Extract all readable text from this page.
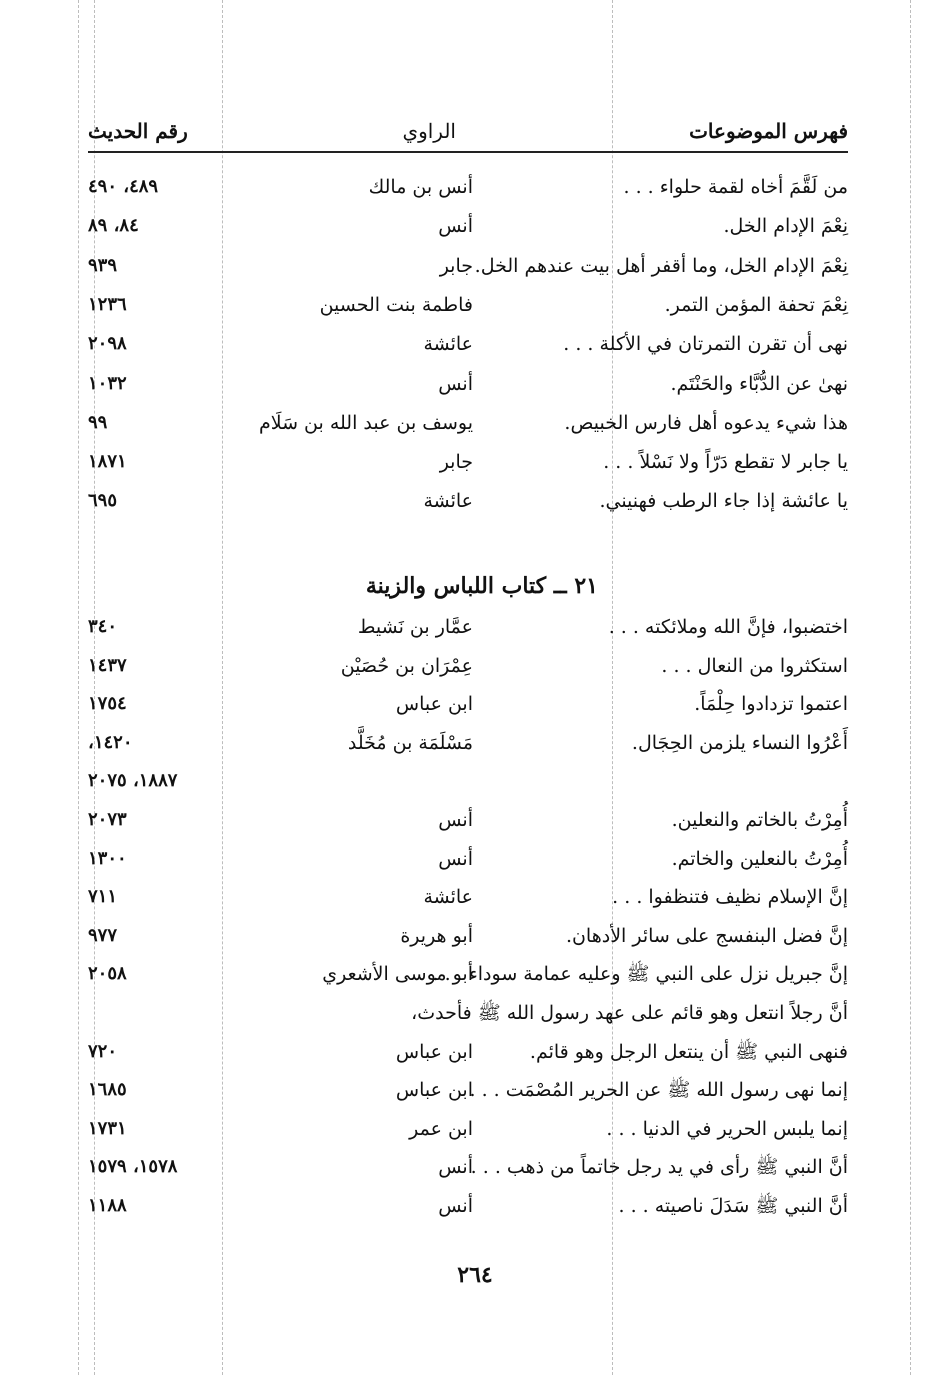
فهرس الموضوعات
الراوي
رقم الحديث
من لَقَّمَ أخاه لقمة حلواء . . .
أنس بن مالك
٤٨٩، ٤٩٠
نِعْمَ الإدام الخل.
أنس
٨٤، ٨٩
نِعْمَ الإدام الخل، وما أقفر أهل بيت عندهم الخل.
جابر
٩٣٩
نِعْمَ تحفة المؤمن التمر.
فاطمة بنت الحسين
١٢٣٦
نهى أن تقرن التمرتان في الأكلة . . .
عائشة
٢٠٩٨
نهىٰ عن الدُّبَّاء والحَنْتَم.
أنس
١٠٣٢
هذا شيء يدعوه أهل فارس الخبيص.
يوسف بن عبد الله بن سَلَام
٩٩
يا جابر لا تقطع دَرّاً ولا نَسْلاً . . .
جابر
١٨٧١
يا عائشة إذا جاء الرطب فهنيني.
عائشة
٦٩٥
٢١ ــ كتاب اللباس والزينة
اختضبوا، فإنَّ الله وملائكته . . .
عمَّار بن نَشيط
٣٤٠
استكثروا من النعال . . .
عِمْرَان بن حُصَيْن
١٤٣٧
اعتموا تزدادوا حِلْمَاً.
ابن عباس
١٧٥٤
أَعْرُوا النساء يلزمن الحِجَال.
مَسْلَمَة بن مُخَلَّد
١٤٢٠،
١٨٨٧، ٢٠٧٥
أُمِرْتُ بالخاتم والنعلين.
أنس
٢٠٧٣
أُمِرْتُ بالنعلين والخاتم.
أنس
١٣٠٠
إنَّ الإسلام نظيف فتنظفوا . . .
عائشة
٧١١
إنَّ فضل البنفسج على سائر الأدهان.
أبو هريرة
٩٧٧
إنَّ جبريل نزل على النبي ﷺ وعليه عمامة سوداء . . .
أبو موسى الأشعري
٢٠٥٨
أنَّ رجلاً انتعل وهو قائم على عهد رسول الله ﷺ فأحدث،
فنهى النبي ﷺ أن ينتعل الرجل وهو قائم.
ابن عباس
٧٢٠
إنما نهى رسول الله ﷺ عن الحرير المُصْمَت . . .
ابن عباس
١٦٨٥
إنما يلبس الحرير في الدنيا . . .
ابن عمر
١٧٣١
أنَّ النبي ﷺ رأى في يد رجل خاتماً من ذهب . . .
أنس
١٥٧٨، ١٥٧٩
أنَّ النبي ﷺ سَدَلَ ناصيته . . .
أنس
١١٨٨
٢٦٤
